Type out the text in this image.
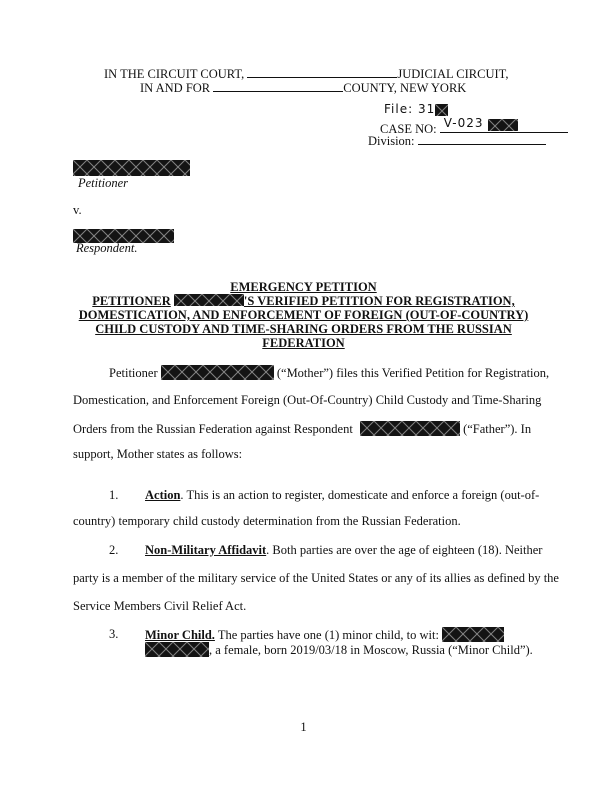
IN THE CIRCUIT COURT,	JUDICIAL CIRCUIT,
IN AND FOR	COUNTY, NEW YORK
File: 31
CASE NO: V-023
Division:
Petitioner
v.
Respondent.
EMERGENCY PETITION
PETITIONER	'S VERIFIED PETITION FOR REGISTRATION,
DOMESTICATION, AND ENFORCEMENT OF FOREIGN (OUT-OF-COUNTRY)
CHILD CUSTODY AND TIME-SHARING ORDERS FROM THE RUSSIAN
FEDERATION
Petitioner	(“Mother”) files this Verified Petition for Registration,
Domestication, and Enforcement Foreign (Out-Of-Country) Child Custody and Time-Sharing
Orders from the Russian Federation against Respondent	(“Father”). In
support, Mother states as follows:
1. Action. This is an action to register, domesticate and enforce a foreign (out-of-
country) temporary child custody determination from the Russian Federation.
2. Non-Military Affidavit. Both parties are over the age of eighteen (18). Neither
party is a member of the military service of the United States or any of its allies as defined by the
Service Members Civil Relief Act.
3. Minor Child. The parties have one (1) minor child, to wit:
, a female, born 2019/03/18 in Moscow, Russia (“Minor Child”).
1
